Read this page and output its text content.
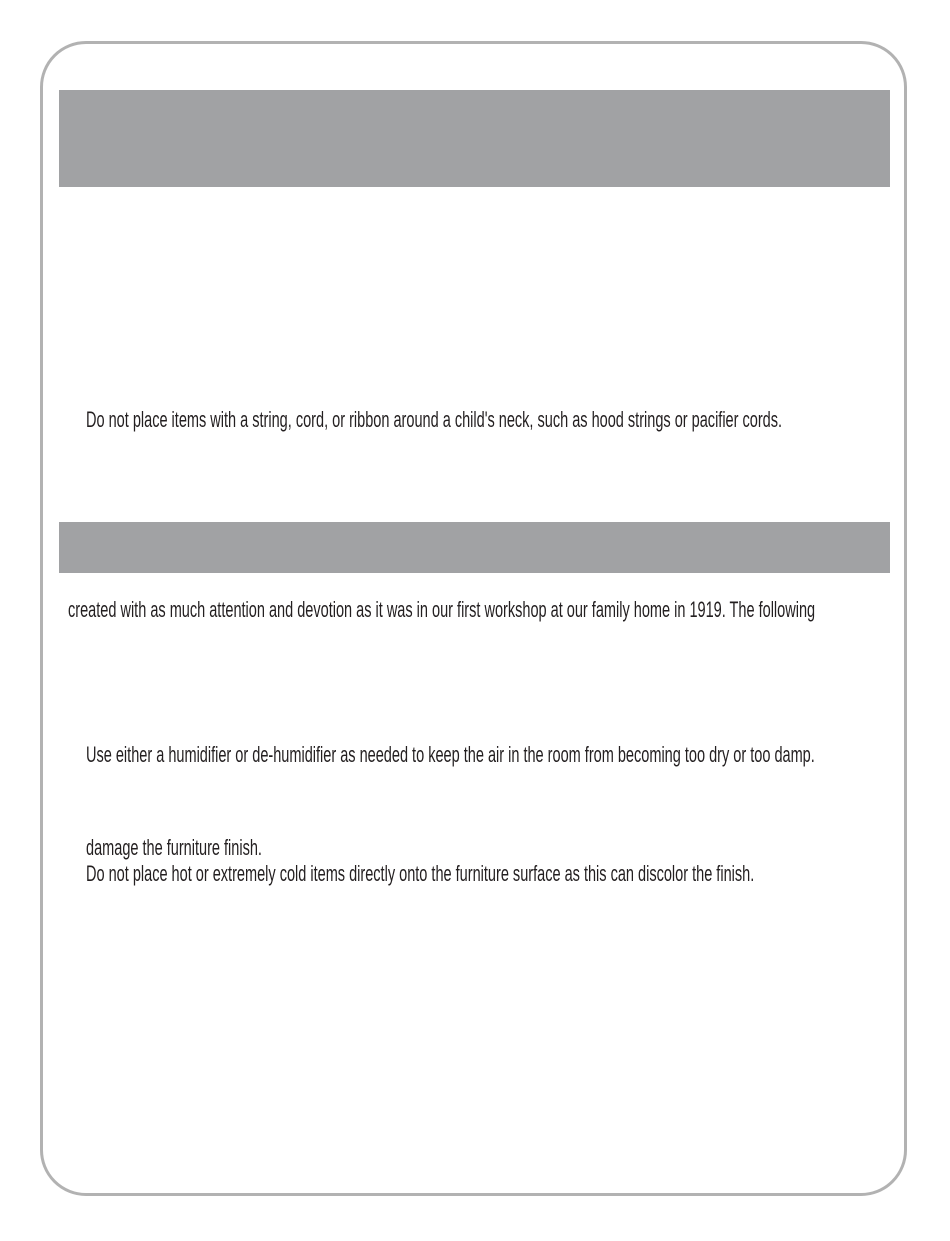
Do not place items with a string, cord, or ribbon around a child's neck, such as hood strings or pacifier cords.
created with as much attention and devotion as it was in our first workshop at our family home in 1919. The following
Use either a humidifier or de-humidifier as needed to keep the air in the room from becoming too dry or too damp.
damage the furniture finish.
Do not place hot or extremely cold items directly onto the furniture surface as this can discolor the finish.
